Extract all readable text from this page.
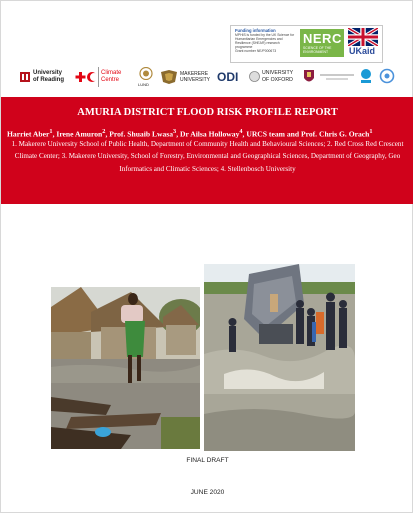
Funding information
MPHIS is funded by the UK Science for Humanitarian Emergencies and Resilience (SHEAR) research programme
Grant number NE/P000673
NERC
SCIENCE OF THE ENVIRONMENT	UKaid
University of Reading
Climate Centre
LUND
MAKERERE UNIVERSITY ODI	UNIVERSITY OF OXFORD
AMURIA DISTRICT FLOOD RISK PROFILE REPORT
Harriet Aber$^1$, Irene Amuron$^2$, Prof. Shuaib Lwasa$^3$, Dr Ailsa Holloway$^4$, URCS team and Prof. Chris G. Orach$^1$
1. Makerere University School of Public Health, Department of Community Health and Behavioural Sciences; 2. Red Cross Red Crescent Climate Center; 3. Makerere University, School of Forestry, Environmental and Geographical Sciences, Department of Geography, Geo Informatics and Climatic Sciences; 4. Stellenbosch University
FINAL DRAFT
JUNE 2020
